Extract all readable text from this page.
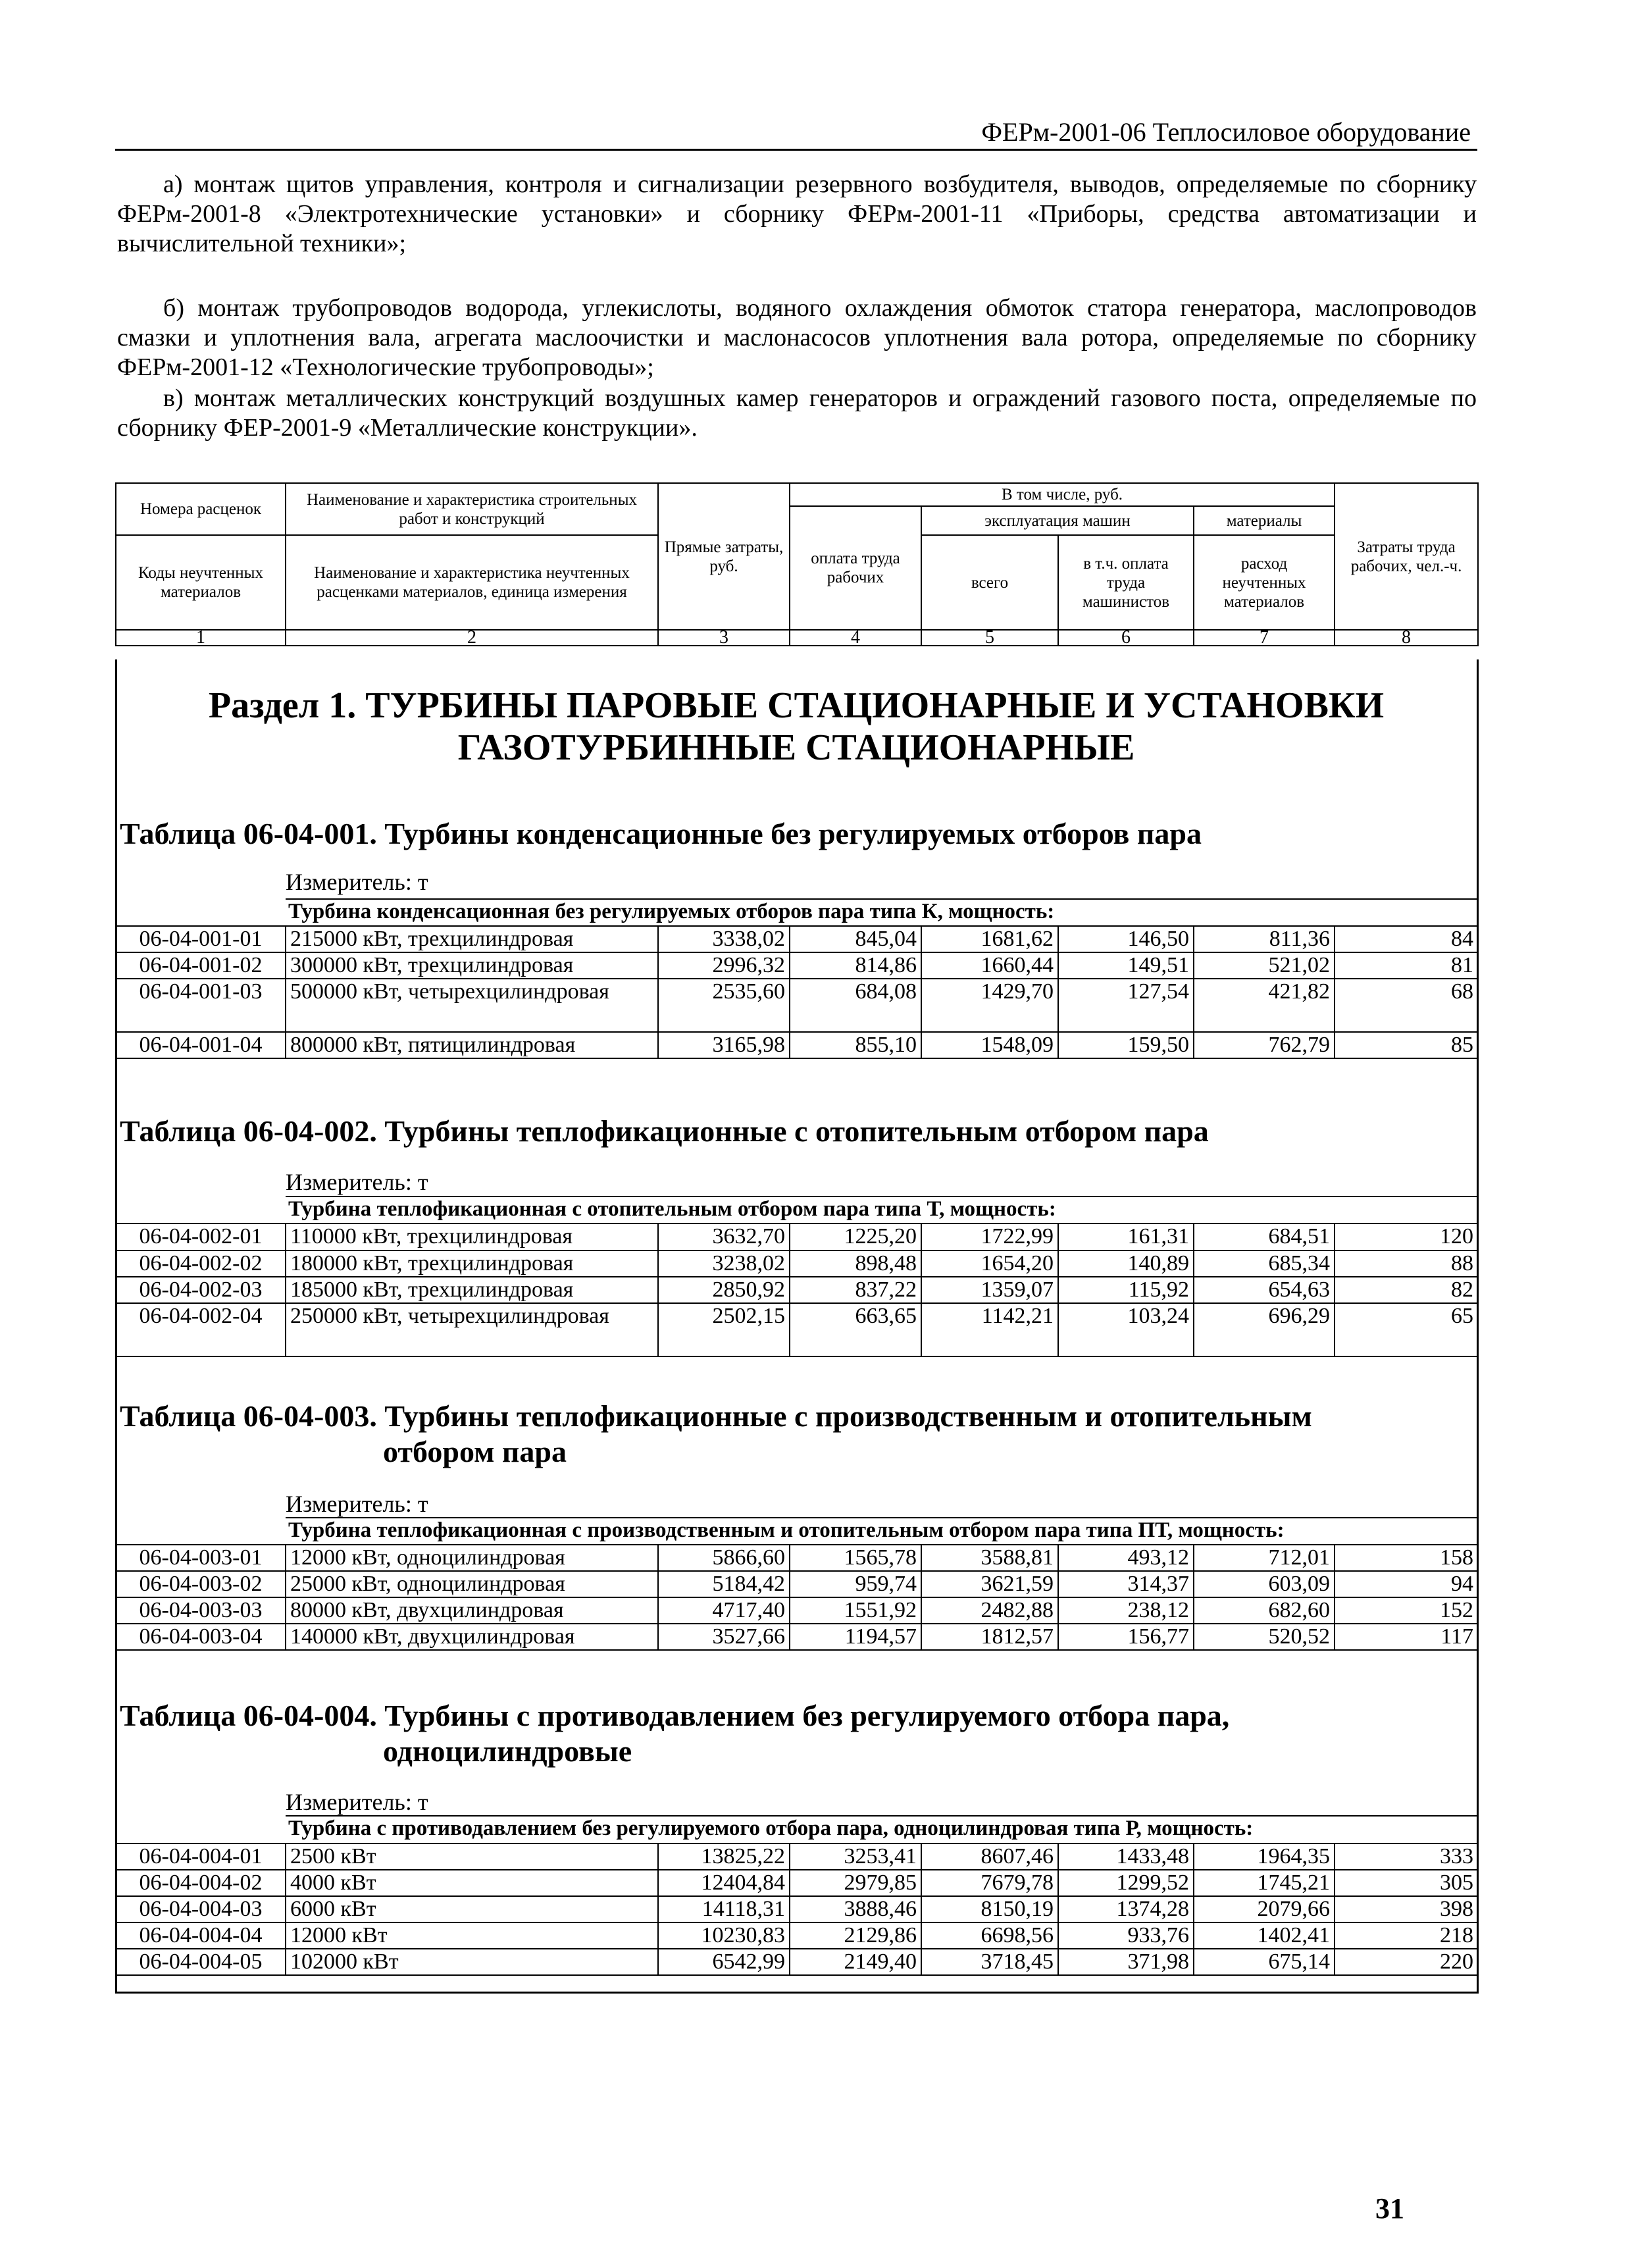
ФЕРм-2001-06 Теплосиловое оборудование

а) монтаж щитов управления, контроля и сигнализации резервного возбудителя, выводов, определяемые по сборнику ФЕРм-2001-8 «Электротехнические установки» и сборнику ФЕРм-2001-11 «Приборы, средства автоматизации и вычислительной техники»;

б) монтаж трубопроводов водорода, углекислоты, водяного охлаждения обмоток статора генератора, маслопроводов смазки и уплотнения вала, агрегата маслоочистки и маслонасосов уплотнения вала ротора, определяемые по сборнику ФЕРм-2001-12 «Технологические трубопроводы»;

в) монтаж металлических конструкций воздушных камер генераторов и ограждений газового поста, определяемые по сборнику ФЕР-2001-9 «Металлические конструкции».

Номера расценок	Наименование и характеристика строительных работ и конструкций	Прямые затраты, руб.	В том числе, руб.				Затраты труда рабочих, чел.-ч.
			оплата труда рабочих	эксплуатация машин		материалы	
Коды неучтенных материалов	Наименование и характеристика неучтенных расценками материалов, единица измерения			всего	в т.ч. оплата труда машинистов	расход неучтенных материалов	

1	2	3	4	5	6	7	8
Раздел 1. ТУРБИНЫ ПАРОВЫЕ СТАЦИОНАРНЫЕ И УСТАНОВКИ ГАЗОТУРБИННЫЕ СТАЦИОНАРНЫЕ
Таблица 06-04-001. Турбины конденсационные без регулируемых отборов пара
Измеритель: т
Турбина конденсационная без регулируемых отборов пара типа К, мощность:
06-04-001-01	215000 кВт, трехцилиндровая	3338,02	845,04	1681,62	146,50	811,36	84
06-04-001-02	300000 кВт, трехцилиндровая	2996,32	814,86	1660,44	149,51	521,02	81
06-04-001-03	500000 кВт, четырехцилиндровая	2535,60	684,08	1429,70	127,54	421,82	68
06-04-001-04	800000 кВт, пятицилиндровая	3165,98	855,10	1548,09	159,50	762,79	85
Таблица 06-04-002. Турбины теплофикационные с отопительным отбором пара
Измеритель: т
Турбина теплофикационная с отопительным отбором пара типа Т, мощность:
06-04-002-01	110000 кВт, трехцилиндровая	3632,70	1225,20	1722,99	161,31	684,51	120
06-04-002-02	180000 кВт, трехцилиндровая	3238,02	898,48	1654,20	140,89	685,34	88
06-04-002-03	185000 кВт, трехцилиндровая	2850,92	837,22	1359,07	115,92	654,63	82
06-04-002-04	250000 кВт, четырехцилиндровая	2502,15	663,65	1142,21	103,24	696,29	65
Таблица 06-04-003. Турбины теплофикационные с производственным и отопительным
отбором пара
Измеритель: т
Турбина теплофикационная с производственным и отопительным отбором пара типа ПТ, мощность:
06-04-003-01	12000 кВт, одноцилиндровая	5866,60	1565,78	3588,81	493,12	712,01	158
06-04-003-02	25000 кВт, одноцилиндровая	5184,42	959,74	3621,59	314,37	603,09	94
06-04-003-03	80000 кВт, двухцилиндровая	4717,40	1551,92	2482,88	238,12	682,60	152
06-04-003-04	140000 кВт, двухцилиндровая	3527,66	1194,57	1812,57	156,77	520,52	117
Таблица 06-04-004. Турбины с противодавлением без регулируемого отбора пара,
одноцилиндровые
Измеритель: т
Турбина с противодавлением без регулируемого отбора пара, одноцилиндровая типа Р, мощность:
06-04-004-01	2500 кВт	13825,22	3253,41	8607,46	1433,48	1964,35	333
06-04-004-02	4000 кВт	12404,84	2979,85	7679,78	1299,52	1745,21	305
06-04-004-03	6000 кВт	14118,31	3888,46	8150,19	1374,28	2079,66	398
06-04-004-04	12000 кВт	10230,83	2129,86	6698,56	933,76	1402,41	218
06-04-004-05	102000 кВт	6542,99	2149,40	3718,45	371,98	675,14	220
31
